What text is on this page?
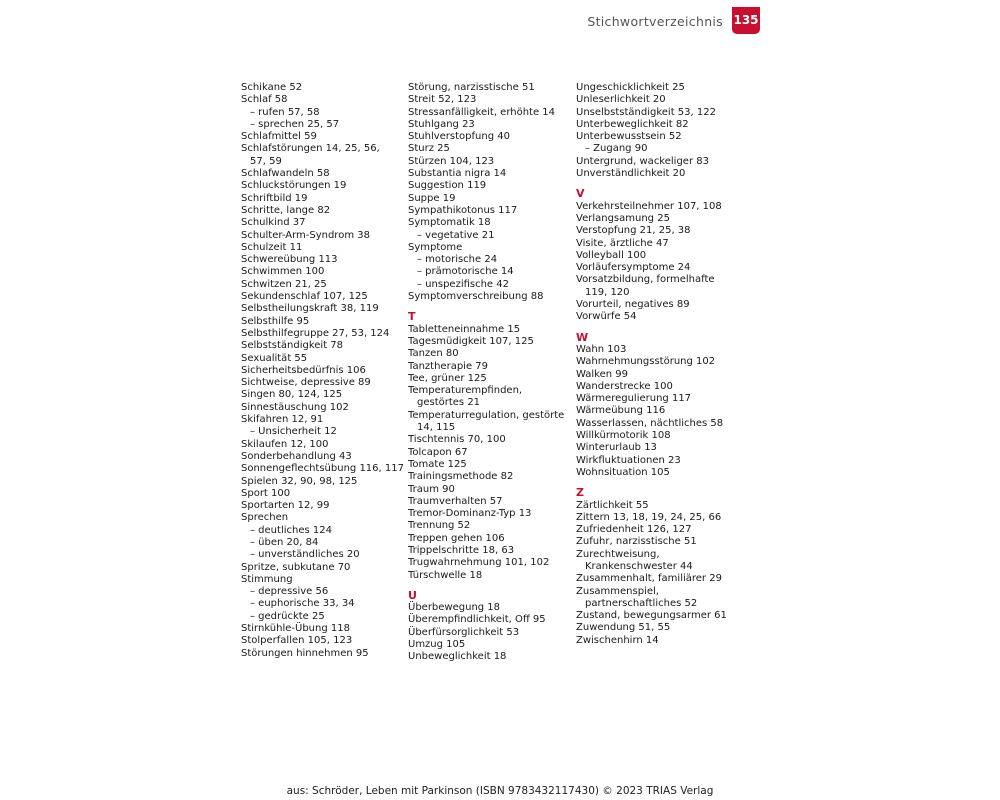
Stichwortverzeichnis 135
Schikane 52
Schlaf 58
– rufen 57, 58
– sprechen 25, 57
Schlafmittel 59
Schlafstörungen 14, 25, 56,
57, 59
Schlafwandeln 58
Schluckstörungen 19
Schriftbild 19
Schritte, lange 82
Schulkind 37
Schulter-Arm-Syndrom 38
Schulzeit 11
Schwereübung 113
Schwimmen 100
Schwitzen 21, 25
Sekundenschlaf 107, 125
Selbstheilungskraft 38, 119
Selbsthilfe 95
Selbsthilfegruppe 27, 53, 124
Selbstständigkeit 78
Sexualität 55
Sicherheitsbedürfnis 106
Sichtweise, depressive 89
Singen 80, 124, 125
Sinnestäuschung 102
Skifahren 12, 91
– Unsicherheit 12
Skilaufen 12, 100
Sonderbehandlung 43
Sonnengeflechtsübung 116, 117
Spielen 32, 90, 98, 125
Sport 100
Sportarten 12, 99
Sprechen
– deutliches 124
– üben 20, 84
– unverständliches 20
Spritze, subkutane 70
Stimmung
– depressive 56
– euphorische 33, 34
– gedrückte 25
Stirnkühle-Übung 118
Stolperfallen 105, 123
Störungen hinnehmen 95
Störung, narzisstische 51
Streit 52, 123
Stressanfälligkeit, erhöhte 14
Stuhlgang 23
Stuhlverstopfung 40
Sturz 25
Stürzen 104, 123
Substantia nigra 14
Suggestion 119
Suppe 19
Sympathikotonus 117
Symptomatik 18
– vegetative 21
Symptome
– motorische 24
– prämotorische 14
– unspezifische 42
Symptomverschreibung 88
T
Tabletteneinnahme 15
Tagesmüdigkeit 107, 125
Tanzen 80
Tanztherapie 79
Tee, grüner 125
Temperaturempfinden,
gestörtes 21
Temperaturregulation, gestörte
14, 115
Tischtennis 70, 100
Tolcapon 67
Tomate 125
Trainingsmethode 82
Traum 90
Traumverhalten 57
Tremor-Dominanz-Typ 13
Trennung 52
Treppen gehen 106
Trippelschritte 18, 63
Trugwahrnehmung 101, 102
Türschwelle 18
U
Überbewegung 18
Überempfindlichkeit, Off 95
Überfürsorglichkeit 53
Umzug 105
Unbeweglichkeit 18
Ungeschicklichkeit 25
Unleserlichkeit 20
Unselbstständigkeit 53, 122
Unterbeweglichkeit 82
Unterbewusstsein 52
– Zugang 90
Untergrund, wackeliger 83
Unverständlichkeit 20
V
Verkehrsteilnehmer 107, 108
Verlangsamung 25
Verstopfung 21, 25, 38
Visite, ärztliche 47
Volleyball 100
Vorläufersymptome 24
Vorsatzbildung, formelhafte
119, 120
Vorurteil, negatives 89
Vorwürfe 54
W
Wahn 103
Wahrnehmungsstörung 102
Walken 99
Wanderstrecke 100
Wärmeregulierung 117
Wärmeübung 116
Wasserlassen, nächtliches 58
Willkürmotorik 108
Winterurlaub 13
Wirkfluktuationen 23
Wohnsituation 105
Z
Zärtlichkeit 55
Zittern 13, 18, 19, 24, 25, 66
Zufriedenheit 126, 127
Zufuhr, narzisstische 51
Zurechtweisung,
Krankenschwester 44
Zusammenhalt, familiärer 29
Zusammenspiel,
partnerschaftliches 52
Zustand, bewegungsarmer 61
Zuwendung 51, 55
Zwischenhirn 14
aus: Schröder, Leben mit Parkinson (ISBN 9783432117430) © 2023 TRIAS Verlag
